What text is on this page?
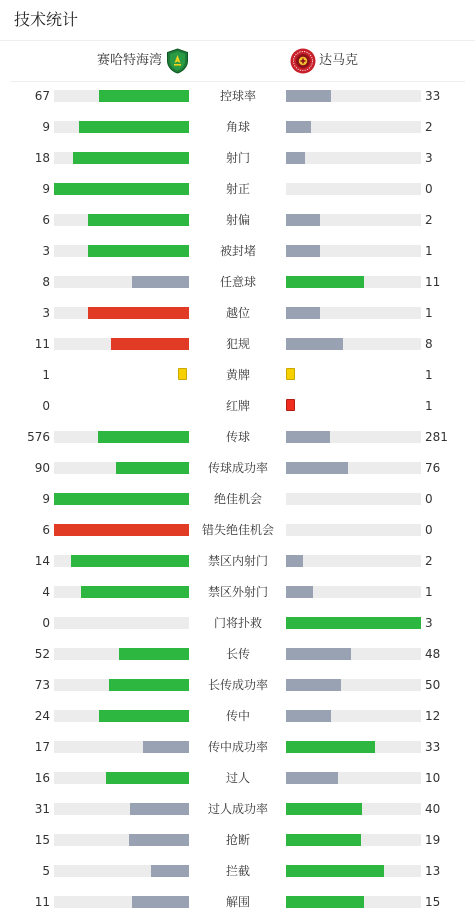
技术统计
赛哈特海湾	达马克
67	控球率	33
9	角球	2
18	射门	3
9	射正	0
6	射偏	2
3	被封堵	1
8	任意球	11
3	越位	1
11	犯规	8
1	黄牌	1
0	红牌	1
576	传球	281
90	传球成功率	76
9	绝佳机会	0
6	错失绝佳机会	0
14	禁区内射门	2
4	禁区外射门	1
0	门将扑救	3
52	长传	48
73	长传成功率	50
24	传中	12
17	传中成功率	33
16	过人	10
31	过人成功率	40
15	抢断	19
5	拦截	13
11	解围	15
